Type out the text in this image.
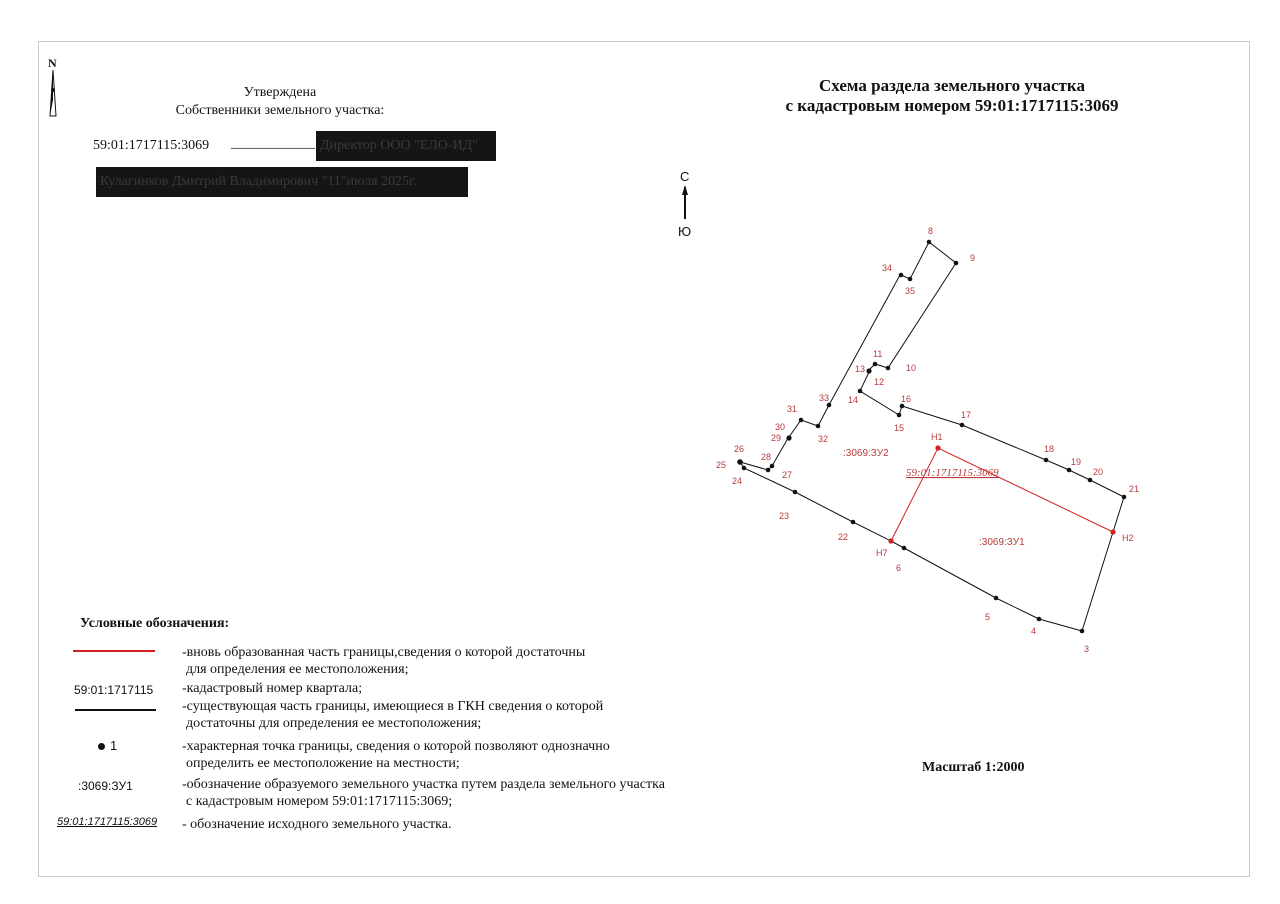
N
Утверждена
Собственники земельного участка:
59:01:1717115:3069 ____________ Директор ООО "ЕЛО-ИД"
Кулагинков Дмитрий Владимирович "11"июля 2025г.
Схема раздела земельного участка
с кадастровым номером 59:01:1717115:3069
С
Ю
3
4
5
6
8
9
10
11
12
13
14
15
16
17
18
19
20
21
22
23
24
25
26
27
28
29
30
31
32
33
34
35
Н1
Н2
Н7
:3069:ЗУ2
:3069:ЗУ1
59:01:1717115:3069
Масштаб 1:2000
Условные обозначения:
-вновь образованная часть границы,сведения о которой достаточны
для определения ее местоположения;
59:01:1717115 -кадастровый номер квартала;
-существующая часть границы, имеющиеся в ГКН сведения о которой
достаточны для определения ее местоположения;
1	-характерная точка границы, сведения о которой позволяют однозначно
определить ее местоположение на местности;
:3069:ЗУ1	-обозначение образуемого земельного участка путем раздела земельного участка
с кадастровым номером 59:01:1717115:3069;
59:01:1717115:3069 - обозначение исходного земельного участка.
